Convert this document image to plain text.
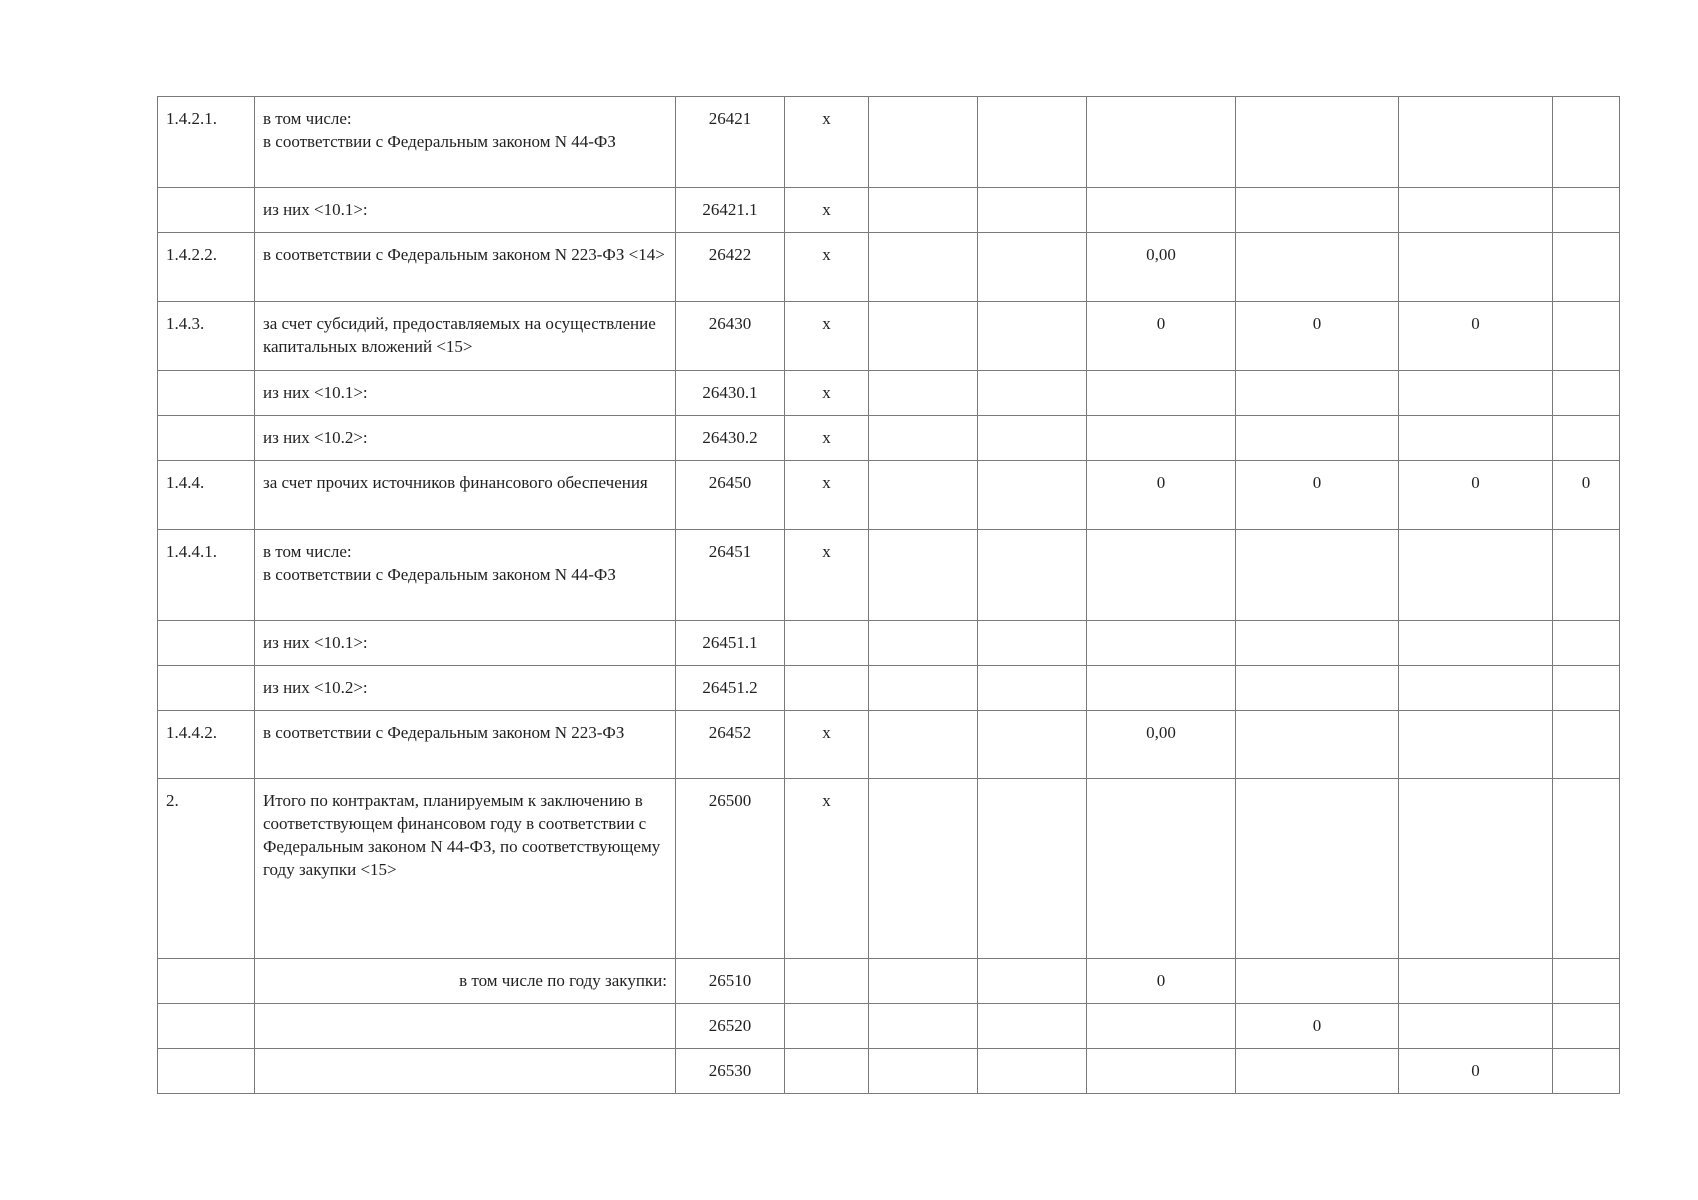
1.4.2.1.	в том числе:
в соответствии с Федеральным законом N 44-ФЗ	26421	х						
	из них <10.1>:	26421.1	х						
1.4.2.2.	в соответствии с Федеральным законом N 223-ФЗ <14>	26422	х			0,00			
1.4.3.	за счет субсидий, предоставляемых на осуществление капитальных вложений <15>	26430	х			0	0	0	
	из них <10.1>:	26430.1	х						
	из них <10.2>:	26430.2	х						
1.4.4.	за счет прочих источников финансового обеспечения	26450	х			0	0	0	0
1.4.4.1.	в том числе:
в соответствии с Федеральным законом N 44-ФЗ	26451	х						
	из них <10.1>:	26451.1							
	из них <10.2>:	26451.2							
1.4.4.2.	в соответствии с Федеральным законом N 223-ФЗ	26452	х			0,00			
2.	Итого по контрактам, планируемым к заключению в соответствующем финансовом году в соответствии с Федеральным законом N 44-ФЗ, по соответствующему году закупки <15>	26500	х						
	в том числе по году закупки:	26510				0			
		26520					0		
		26530						0	
